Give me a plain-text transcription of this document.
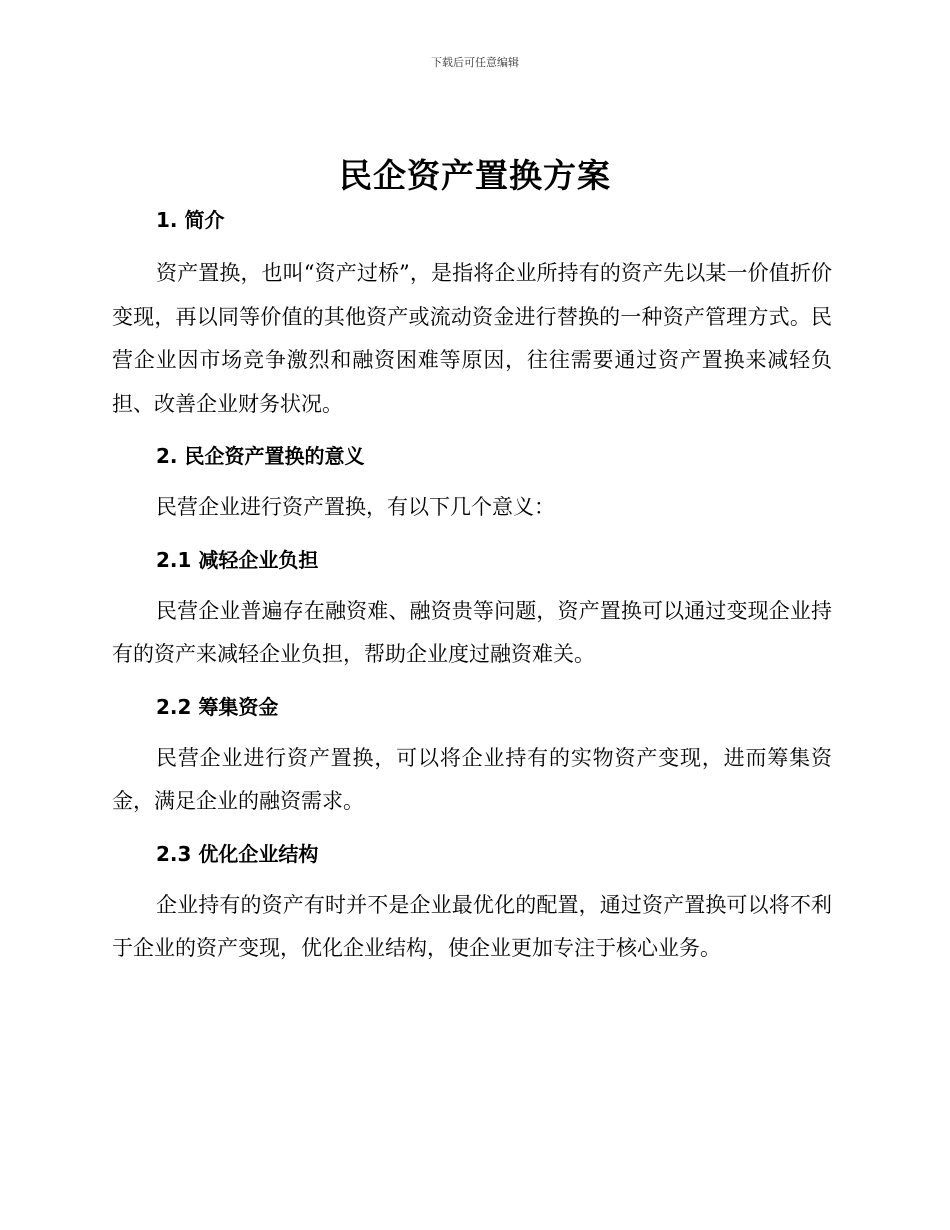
下载后可任意编辑
民企资产置换方案

1. 简介

资产置换，也叫“资产过桥”，是指将企业所持有的资产先以某一价值折价变现，再以同等价值的其他资产或流动资金进行替换的一种资产管理方式。民营企业因市场竞争激烈和融资困难等原因，往往需要通过资产置换来减轻负担、改善企业财务状况。

2. 民企资产置换的意义

民营企业进行资产置换，有以下几个意义：

2.1 减轻企业负担

民营企业普遍存在融资难、融资贵等问题，资产置换可以通过变现企业持有的资产来减轻企业负担，帮助企业度过融资难关。

2.2 筹集资金

民营企业进行资产置换，可以将企业持有的实物资产变现，进而筹集资金，满足企业的融资需求。

2.3 优化企业结构

企业持有的资产有时并不是企业最优化的配置，通过资产置换可以将不利于企业的资产变现，优化企业结构，使企业更加专注于核心业务。
